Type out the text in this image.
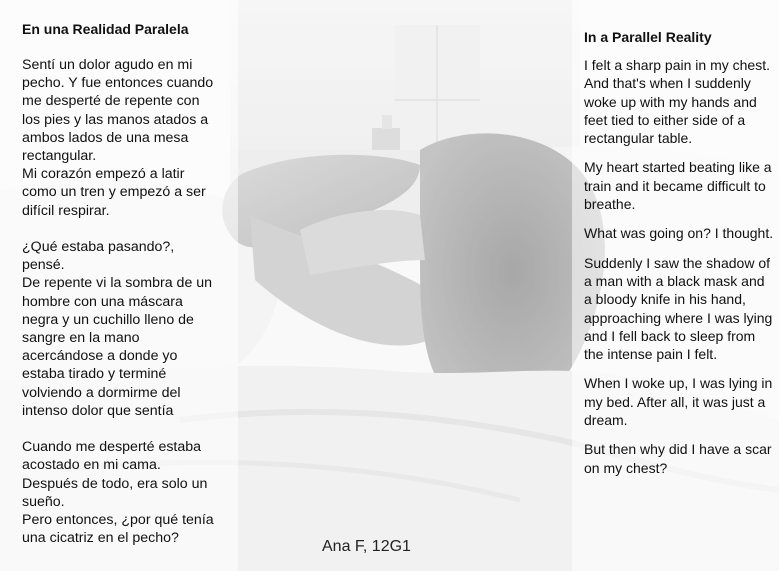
En una Realidad Paralela
Sentí un dolor agudo en mi
pecho. Y fue entonces cuando
me desperté de repente con
los pies y las manos atados a
ambos lados de una mesa
rectangular.
Mi corazón empezó a latir
como un tren y empezó a ser
difícil respirar.
¿Qué estaba pasando?,
pensé.
De repente vi la sombra de un
hombre con una máscara
negra y un cuchillo lleno de
sangre en la mano
acercándose a donde yo
estaba tirado y terminé
volviendo a dormirme del
intenso dolor que sentía
Cuando me desperté estaba
acostado en mi cama.
Después de todo, era solo un
sueño.
Pero entonces, ¿por qué tenía
una cicatriz en el pecho?
In a Parallel Reality
I felt a sharp pain in my chest. And that's when I suddenly woke up with my hands and feet tied to either side of a rectangular table.
My heart started beating like a train and it became difficult to breathe.
What was going on? I thought.
Suddenly I saw the shadow of a man with a black mask and a bloody knife in his hand, approaching where I was lying and I fell back to sleep from the intense pain I felt.
When I woke up, I was lying in my bed. After all, it was just a dream.
But then why did I have a scar on my chest?
Ana F, 12G1
